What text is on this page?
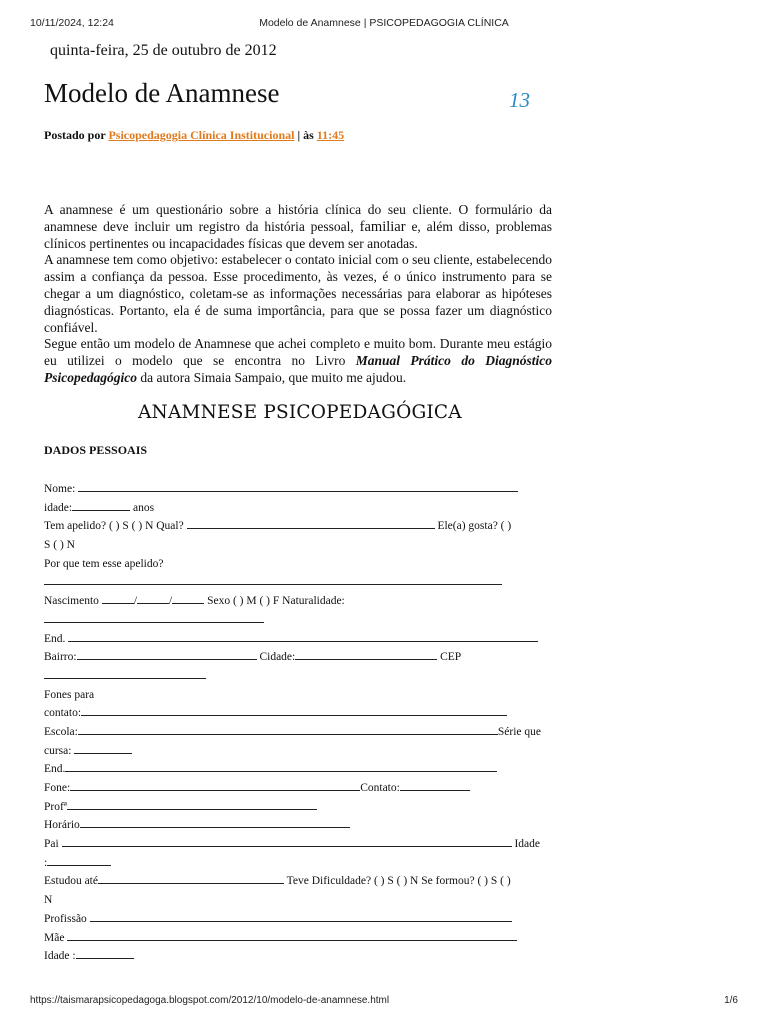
10/11/2024, 12:24	Modelo de Anamnese | PSICOPEDAGOGIA CLÍNICA
quinta-feira, 25 de outubro de 2012
Modelo de Anamnese	13
Postado por Psicopedagogia Clínica Institucional | às 11:45

A anamnese é um questionário sobre a história clínica do seu cliente. O formulário da anamnese deve incluir um registro da história pessoal, familiar e, além disso, problemas clínicos pertinentes ou incapacidades físicas que devem ser anotadas.

A anamnese tem como objetivo: estabelecer o contato inicial com o seu cliente, estabelecendo assim a confiança da pessoa. Esse procedimento, às vezes, é o único instrumento para se chegar a um diagnóstico, coletam-se as informações necessárias para elaborar as hipóteses diagnósticas. Portanto, ela é de suma importância, para que se possa fazer um diagnóstico confiável.

Segue então um modelo de Anamnese que achei completo e muito bom. Durante meu estágio eu utilizei o modelo que se encontra no Livro Manual Prático do Diagnóstico Psicopedagógico da autora Simaia Sampaio, que muito me ajudou.

ANAMNESE PSICOPEDAGÓGICA
DADOS PESSOAIS
Nome:
idade:	anos
Tem apelido? ( ) S ( ) N Qual?	Ele(a) gosta? ( )
S ( ) N
Por que tem esse apelido?
Nascimento	/	/	Sexo ( ) M ( ) F Naturalidade:
End.
Bairro:	Cidade:	CEP
Fones para
contato:
Escola:	Série que
cursa:
End.
Fone:	Contato:
Profª
Horário
Pai	Idade
:
Estudou até	Teve Dificuldade? ( ) S ( ) N Se formou? ( ) S ( )
N
Profissão
Mãe
Idade :
https://taismarapsicopedagoga.blogspot.com/2012/10/modelo-de-anamnese.html	1/6
